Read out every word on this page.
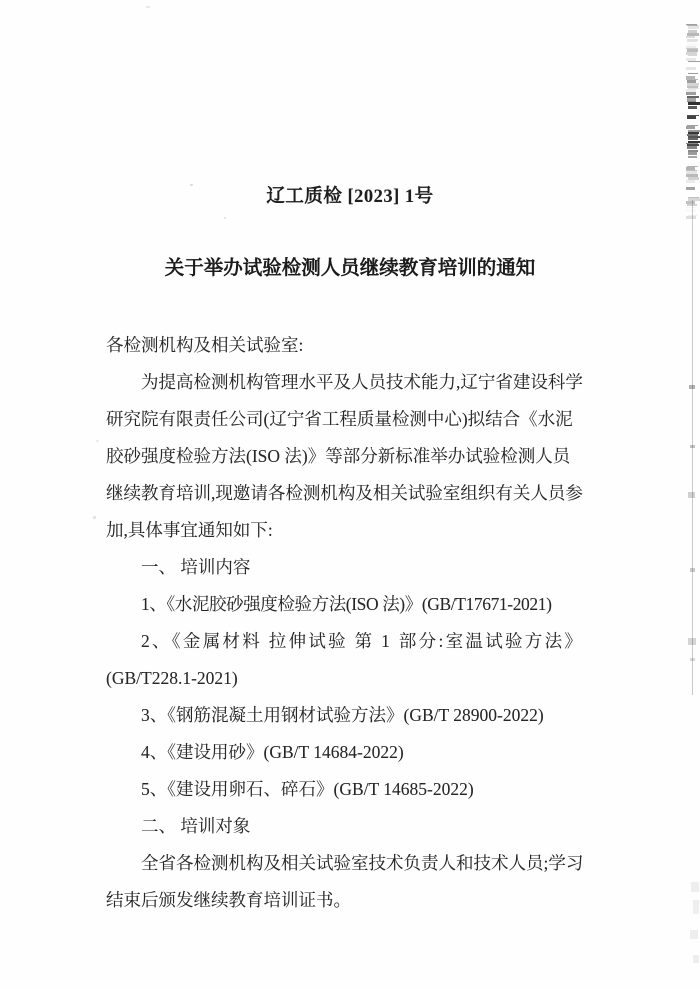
辽工质检 [2023] 1号
关于举办试验检测人员继续教育培训的通知
各检测机构及相关试验室:
为提高检测机构管理水平及人员技术能力,辽宁省建设科学
研究院有限责任公司(辽宁省工程质量检测中心)拟结合《水泥
胶砂强度检验方法(ISO 法)》等部分新标准举办试验检测人员
继续教育培训,现邀请各检测机构及相关试验室组织有关人员参
加,具体事宜通知如下:
一、 培训内容
1、《水泥胶砂强度检验方法(ISO 法)》(GB/T17671-2021)
2、《金属材料 拉伸试验 第 1 部分:室温试验方法》
(GB/T228.1-2021)
3、《钢筋混凝土用钢材试验方法》(GB/T 28900-2022)
4、《建设用砂》(GB/T 14684-2022)
5、《建设用卵石、碎石》(GB/T 14685-2022)
二、 培训对象
全省各检测机构及相关试验室技术负责人和技术人员;学习
结束后颁发继续教育培训证书。
